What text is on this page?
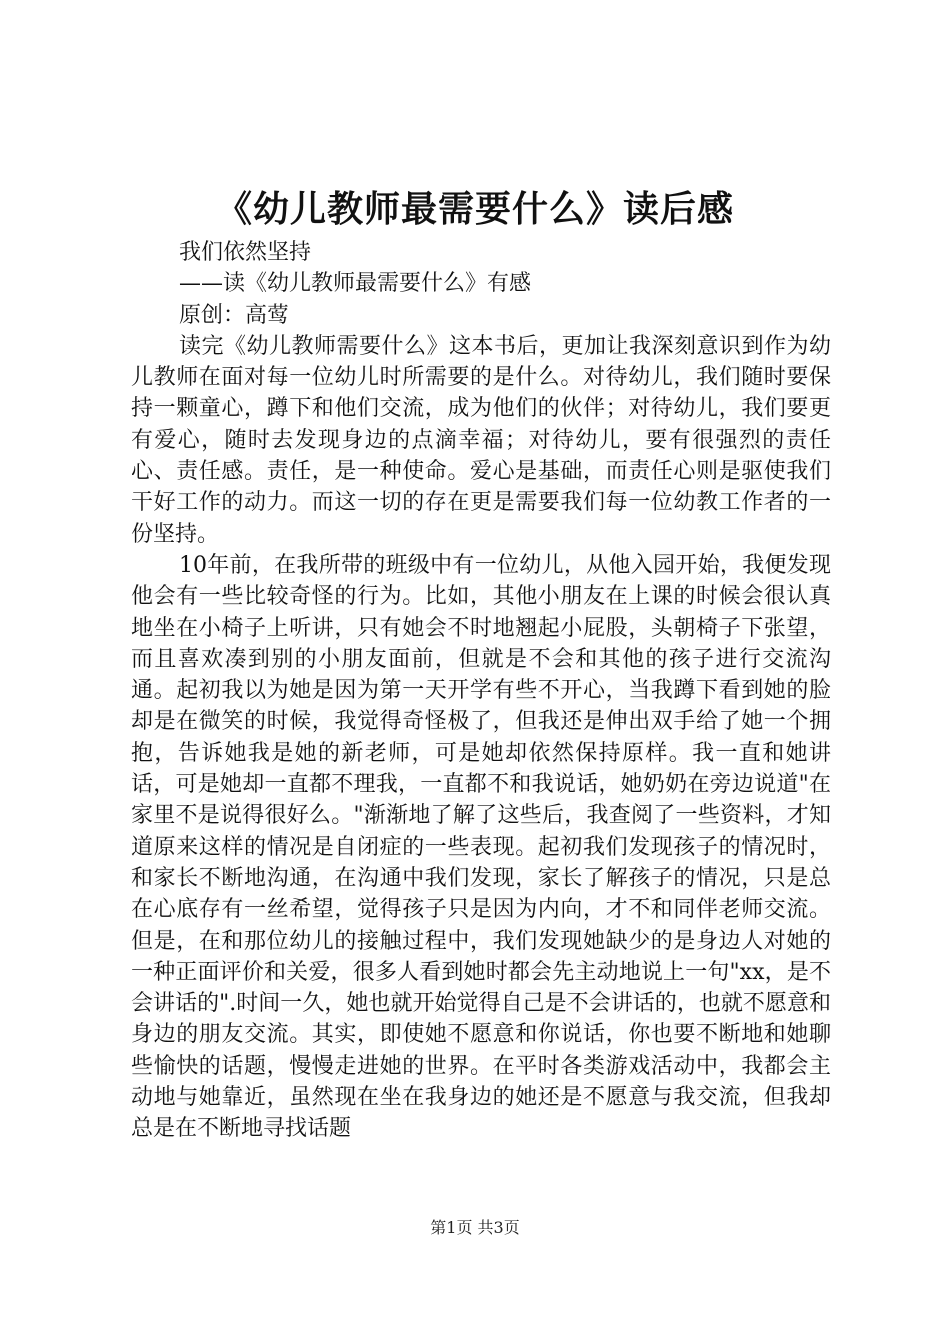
《幼儿教师最需要什么》读后感
我们依然坚持
——读《幼儿教师最需要什么》有感
原创：高莺
读完《幼儿教师需要什么》这本书后，更加让我深刻意识到作为幼儿教师在面对每一位幼儿时所需要的是什么。对待幼儿，我们随时要保持一颗童心，蹲下和他们交流，成为他们的伙伴；对待幼儿，我们要更有爱心，随时去发现身边的点滴幸福；对待幼儿，要有很强烈的责任心、责任感。责任，是一种使命。爱心是基础，而责任心则是驱使我们干好工作的动力。而这一切的存在更是需要我们每一位幼教工作者的一份坚持。
10年前，在我所带的班级中有一位幼儿，从他入园开始，我便发现他会有一些比较奇怪的行为。比如，其他小朋友在上课的时候会很认真地坐在小椅子上听讲，只有她会不时地翘起小屁股，头朝椅子下张望，而且喜欢凑到别的小朋友面前，但就是不会和其他的孩子进行交流沟通。起初我以为她是因为第一天开学有些不开心，当我蹲下看到她的脸却是在微笑的时候，我觉得奇怪极了，但我还是伸出双手给了她一个拥抱，告诉她我是她的新老师，可是她却依然保持原样。我一直和她讲话，可是她却一直都不理我，一直都不和我说话，她奶奶在旁边说道"在家里不是说得很好么。"渐渐地了解了这些后，我查阅了一些资料，才知道原来这样的情况是自闭症的一些表现。起初我们发现孩子的情况时，和家长不断地沟通，在沟通中我们发现，家长了解孩子的情况，只是总在心底存有一丝希望，觉得孩子只是因为内向，才不和同伴老师交流。但是，在和那位幼儿的接触过程中，我们发现她缺少的是身边人对她的一种正面评价和关爱，很多人看到她时都会先主动地说上一句"xx，是不会讲话的".时间一久，她也就开始觉得自己是不会讲话的，也就不愿意和身边的朋友交流。其实，即使她不愿意和你说话，你也要不断地和她聊些愉快的话题，慢慢走进她的世界。在平时各类游戏活动中，我都会主动地与她靠近，虽然现在坐在我身边的她还是不愿意与我交流，但我却总是在不断地寻找话题
第1页 共3页
